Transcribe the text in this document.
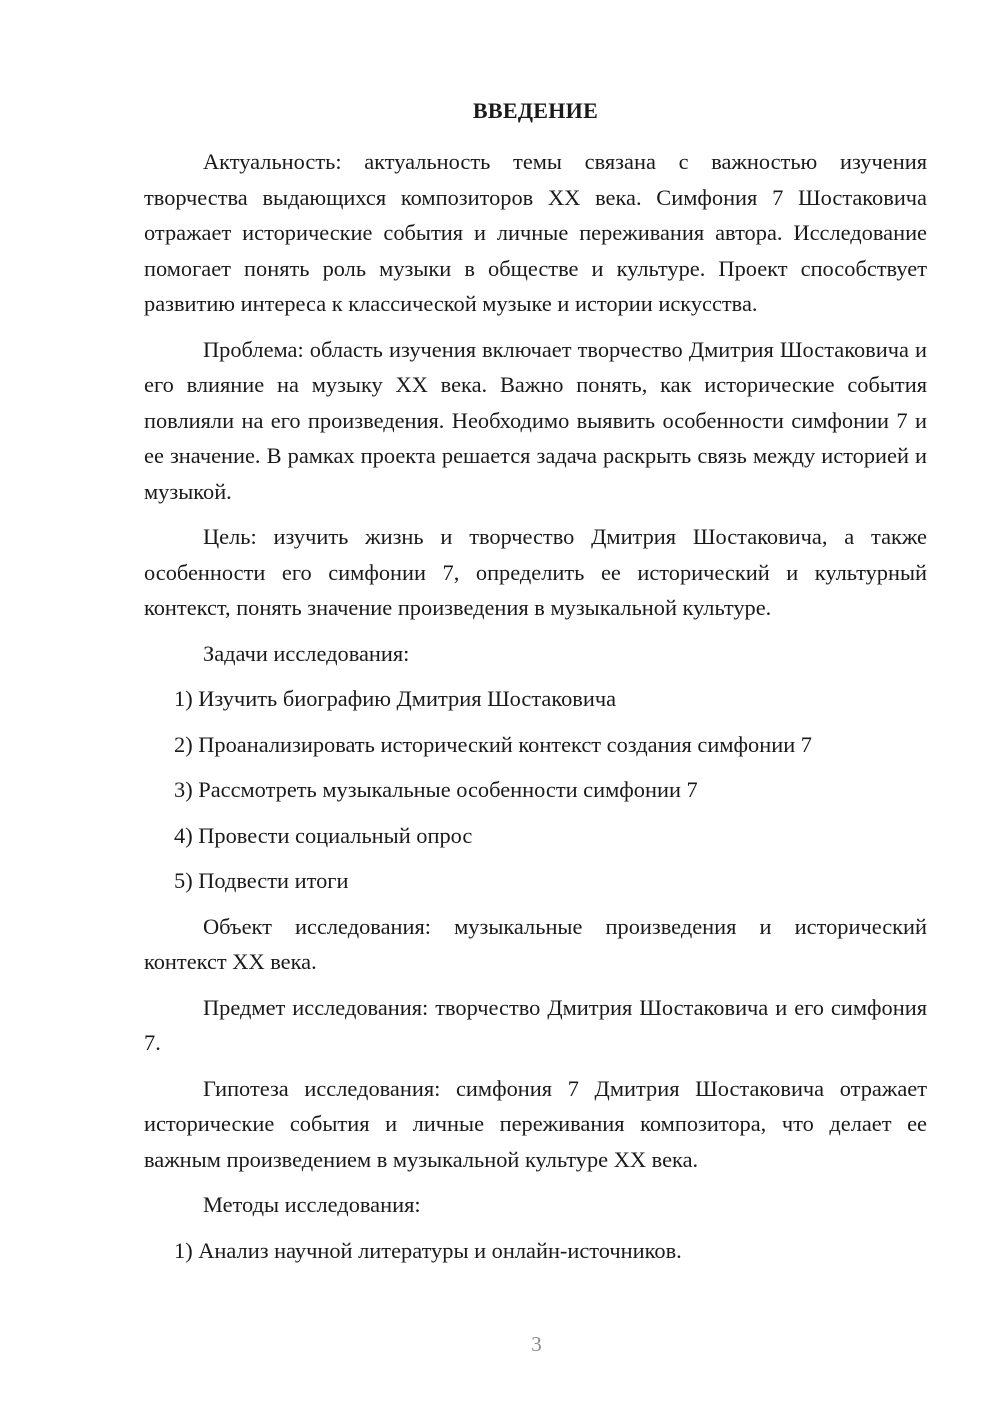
ВВЕДЕНИЕ

Актуальность: актуальность темы связана с важностью изучения творчества выдающихся композиторов XX века. Симфония 7 Шостаковича отражает исторические события и личные переживания автора. Исследование помогает понять роль музыки в обществе и культуре. Проект способствует развитию интереса к классической музыке и истории искусства.

Проблема: область изучения включает творчество Дмитрия Шостаковича и его влияние на музыку XX века. Важно понять, как исторические события повлияли на его произведения. Необходимо выявить особенности симфонии 7 и ее значение. В рамках проекта решается задача раскрыть связь между историей и музыкой.

Цель: изучить жизнь и творчество Дмитрия Шостаковича, а также особенности его симфонии 7, определить ее исторический и культурный контекст, понять значение произведения в музыкальной культуре.

Задачи исследования:

1) Изучить биографию Дмитрия Шостаковича
2) Проанализировать исторический контекст создания симфонии 7
3) Рассмотреть музыкальные особенности симфонии 7
4) Провести социальный опрос
5) Подвести итоги

Объект исследования: музыкальные произведения и исторический контекст XX века.

Предмет исследования: творчество Дмитрия Шостаковича и его симфония 7.

Гипотеза исследования: симфония 7 Дмитрия Шостаковича отражает исторические события и личные переживания композитора, что делает ее важным произведением в музыкальной культуре XX века.

Методы исследования:

1) Анализ научной литературы и онлайн-источников.
3
